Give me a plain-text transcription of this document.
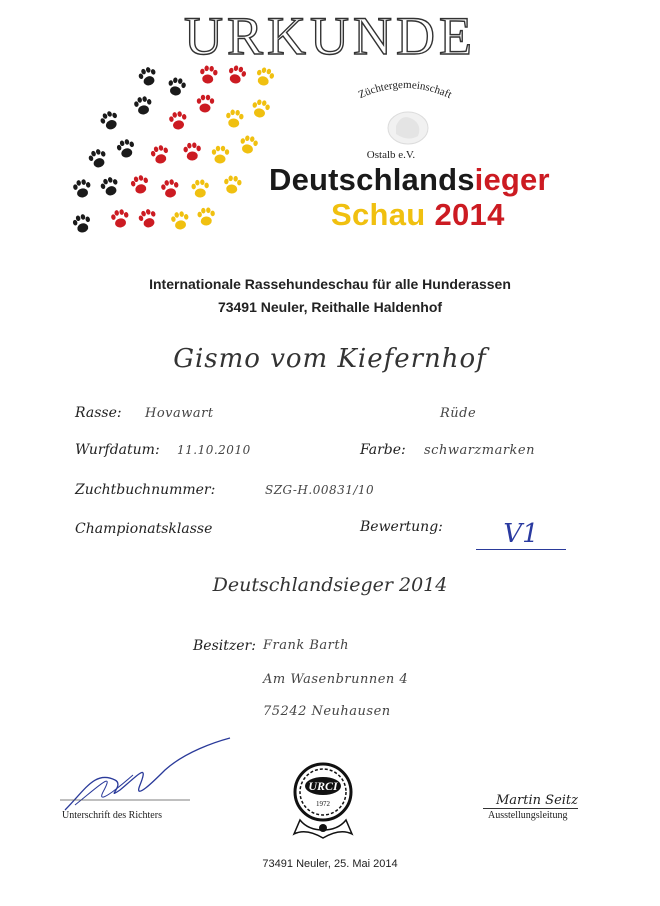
URKUNDE
Züchtergemeinschaft
Ostalb e.V.
Deutschlandsieger
Schau 2014
Internationale Rassehundeschau für alle Hunderassen
73491 Neuler, Reithalle Haldenhof
Gismo vom Kiefernhof
Rasse: Hovawart	Rüde
Wurfdatum: 11.10.2010	Farbe: schwarzmarken
Zuchtbuchnummer:	SZG-H.00831/10
Championatsklasse	Bewertung:	V1
Deutschlandsieger 2014
Besitzer: Frank Barth
Am Wasenbrunnen 4
75242 Neuhausen
Unterschrift des Richters
URCI
1972	Martin Seitz
Ausstellungsleitung
73491 Neuler, 25. Mai 2014
